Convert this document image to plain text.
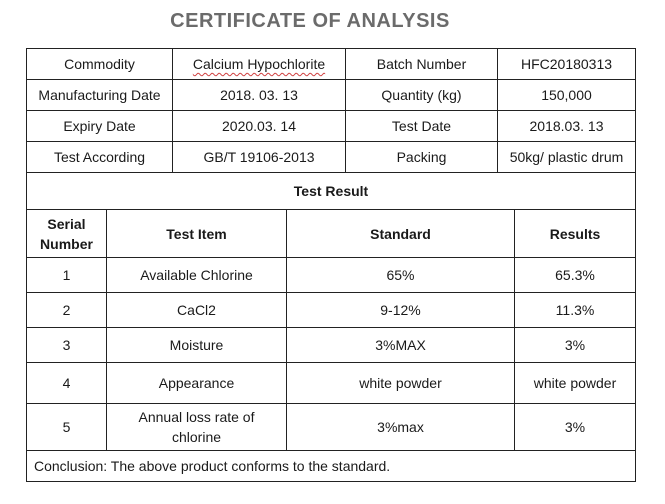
CERTIFICATE OF ANALYSIS
Commodity	Calcium Hypochlorite	Batch Number	HFC20180313
Manufacturing Date	2018. 03. 13	Quantity (kg)	150,000
Expiry Date	2020.03. 14	Test Date	2018.03. 13
Test According	GB/T 19106-2013	Packing	50kg/ plastic drum
Test Result			
Serial Number	Test Item	Standard	Results
1	Available Chlorine	65%	65.3%
2	CaCl2	9-12%	11.3%
3	Moisture	3%MAX	3%
4	Appearance	white powder	white powder
5	Annual loss rate of chlorine	3%max	3%
Conclusion: The above product conforms to the standard.			
